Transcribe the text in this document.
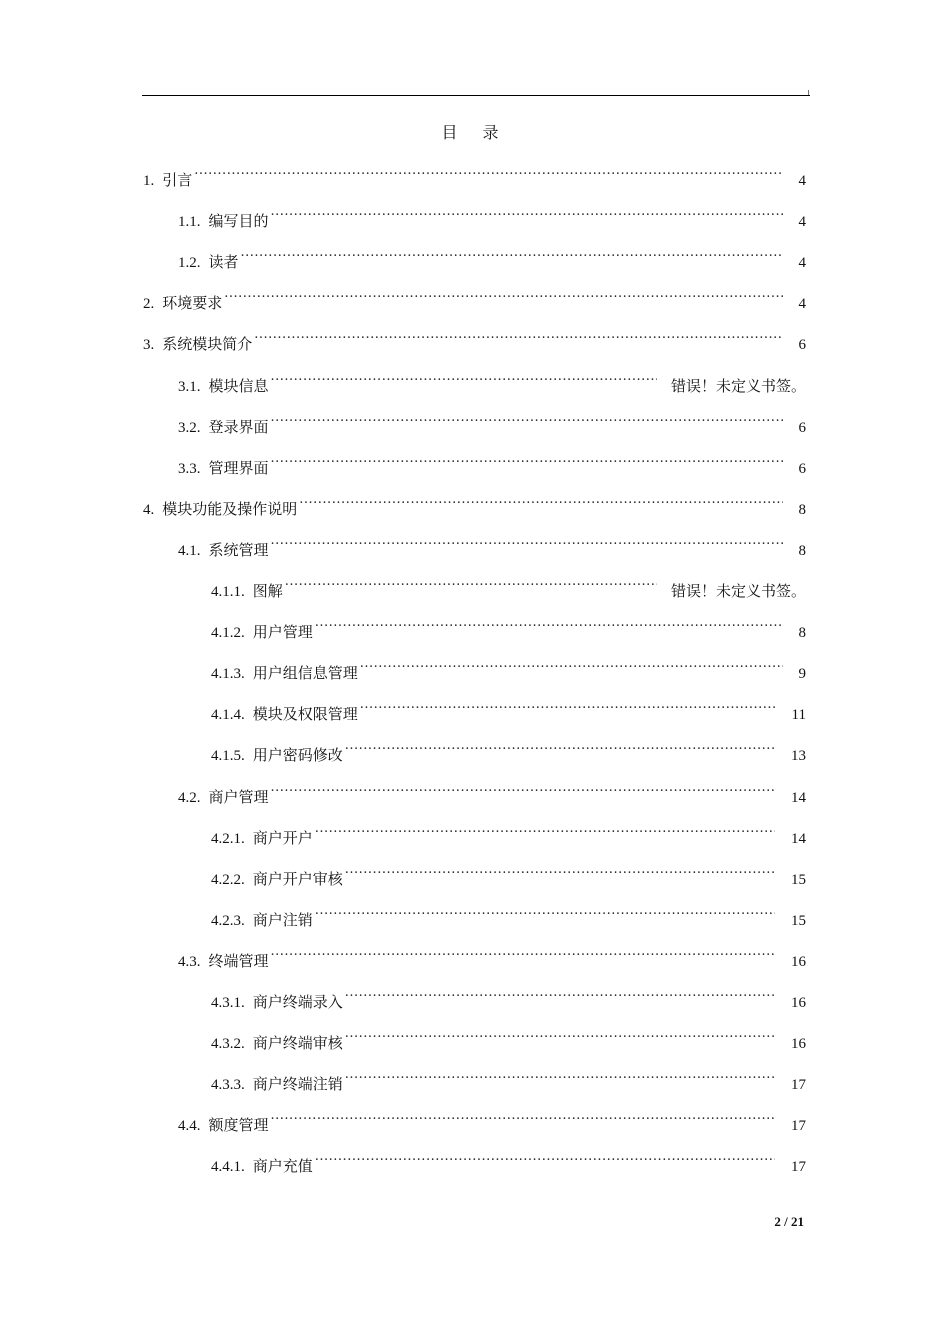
目 录
1. 引言 .....	4
1.1. 编写目的 .....	4
1.2. 读者 .....	4
2. 环境要求 .....	4
3. 系统模块简介 .....	6
3.1. 模块信息 .....	错误！未定义书签。
3.2. 登录界面 .....	6
3.3. 管理界面 .....	6
4. 模块功能及操作说明 .....	8
4.1. 系统管理 .....	8
4.1.1. 图解 .....	错误！未定义书签。
4.1.2. 用户管理 .....	8
4.1.3. 用户组信息管理 .....	9
4.1.4. 模块及权限管理 .....	11
4.1.5. 用户密码修改 .....	13
4.2. 商户管理 .....	14
4.2.1. 商户开户 .....	14
4.2.2. 商户开户审核 .....	15
4.2.3. 商户注销 .....	15
4.3. 终端管理 .....	16
4.3.1. 商户终端录入 .....	16
4.3.2. 商户终端审核 .....	16
4.3.3. 商户终端注销 .....	17
4.4. 额度管理 .....	17
4.4.1. 商户充值 .....	17
2 / 21
